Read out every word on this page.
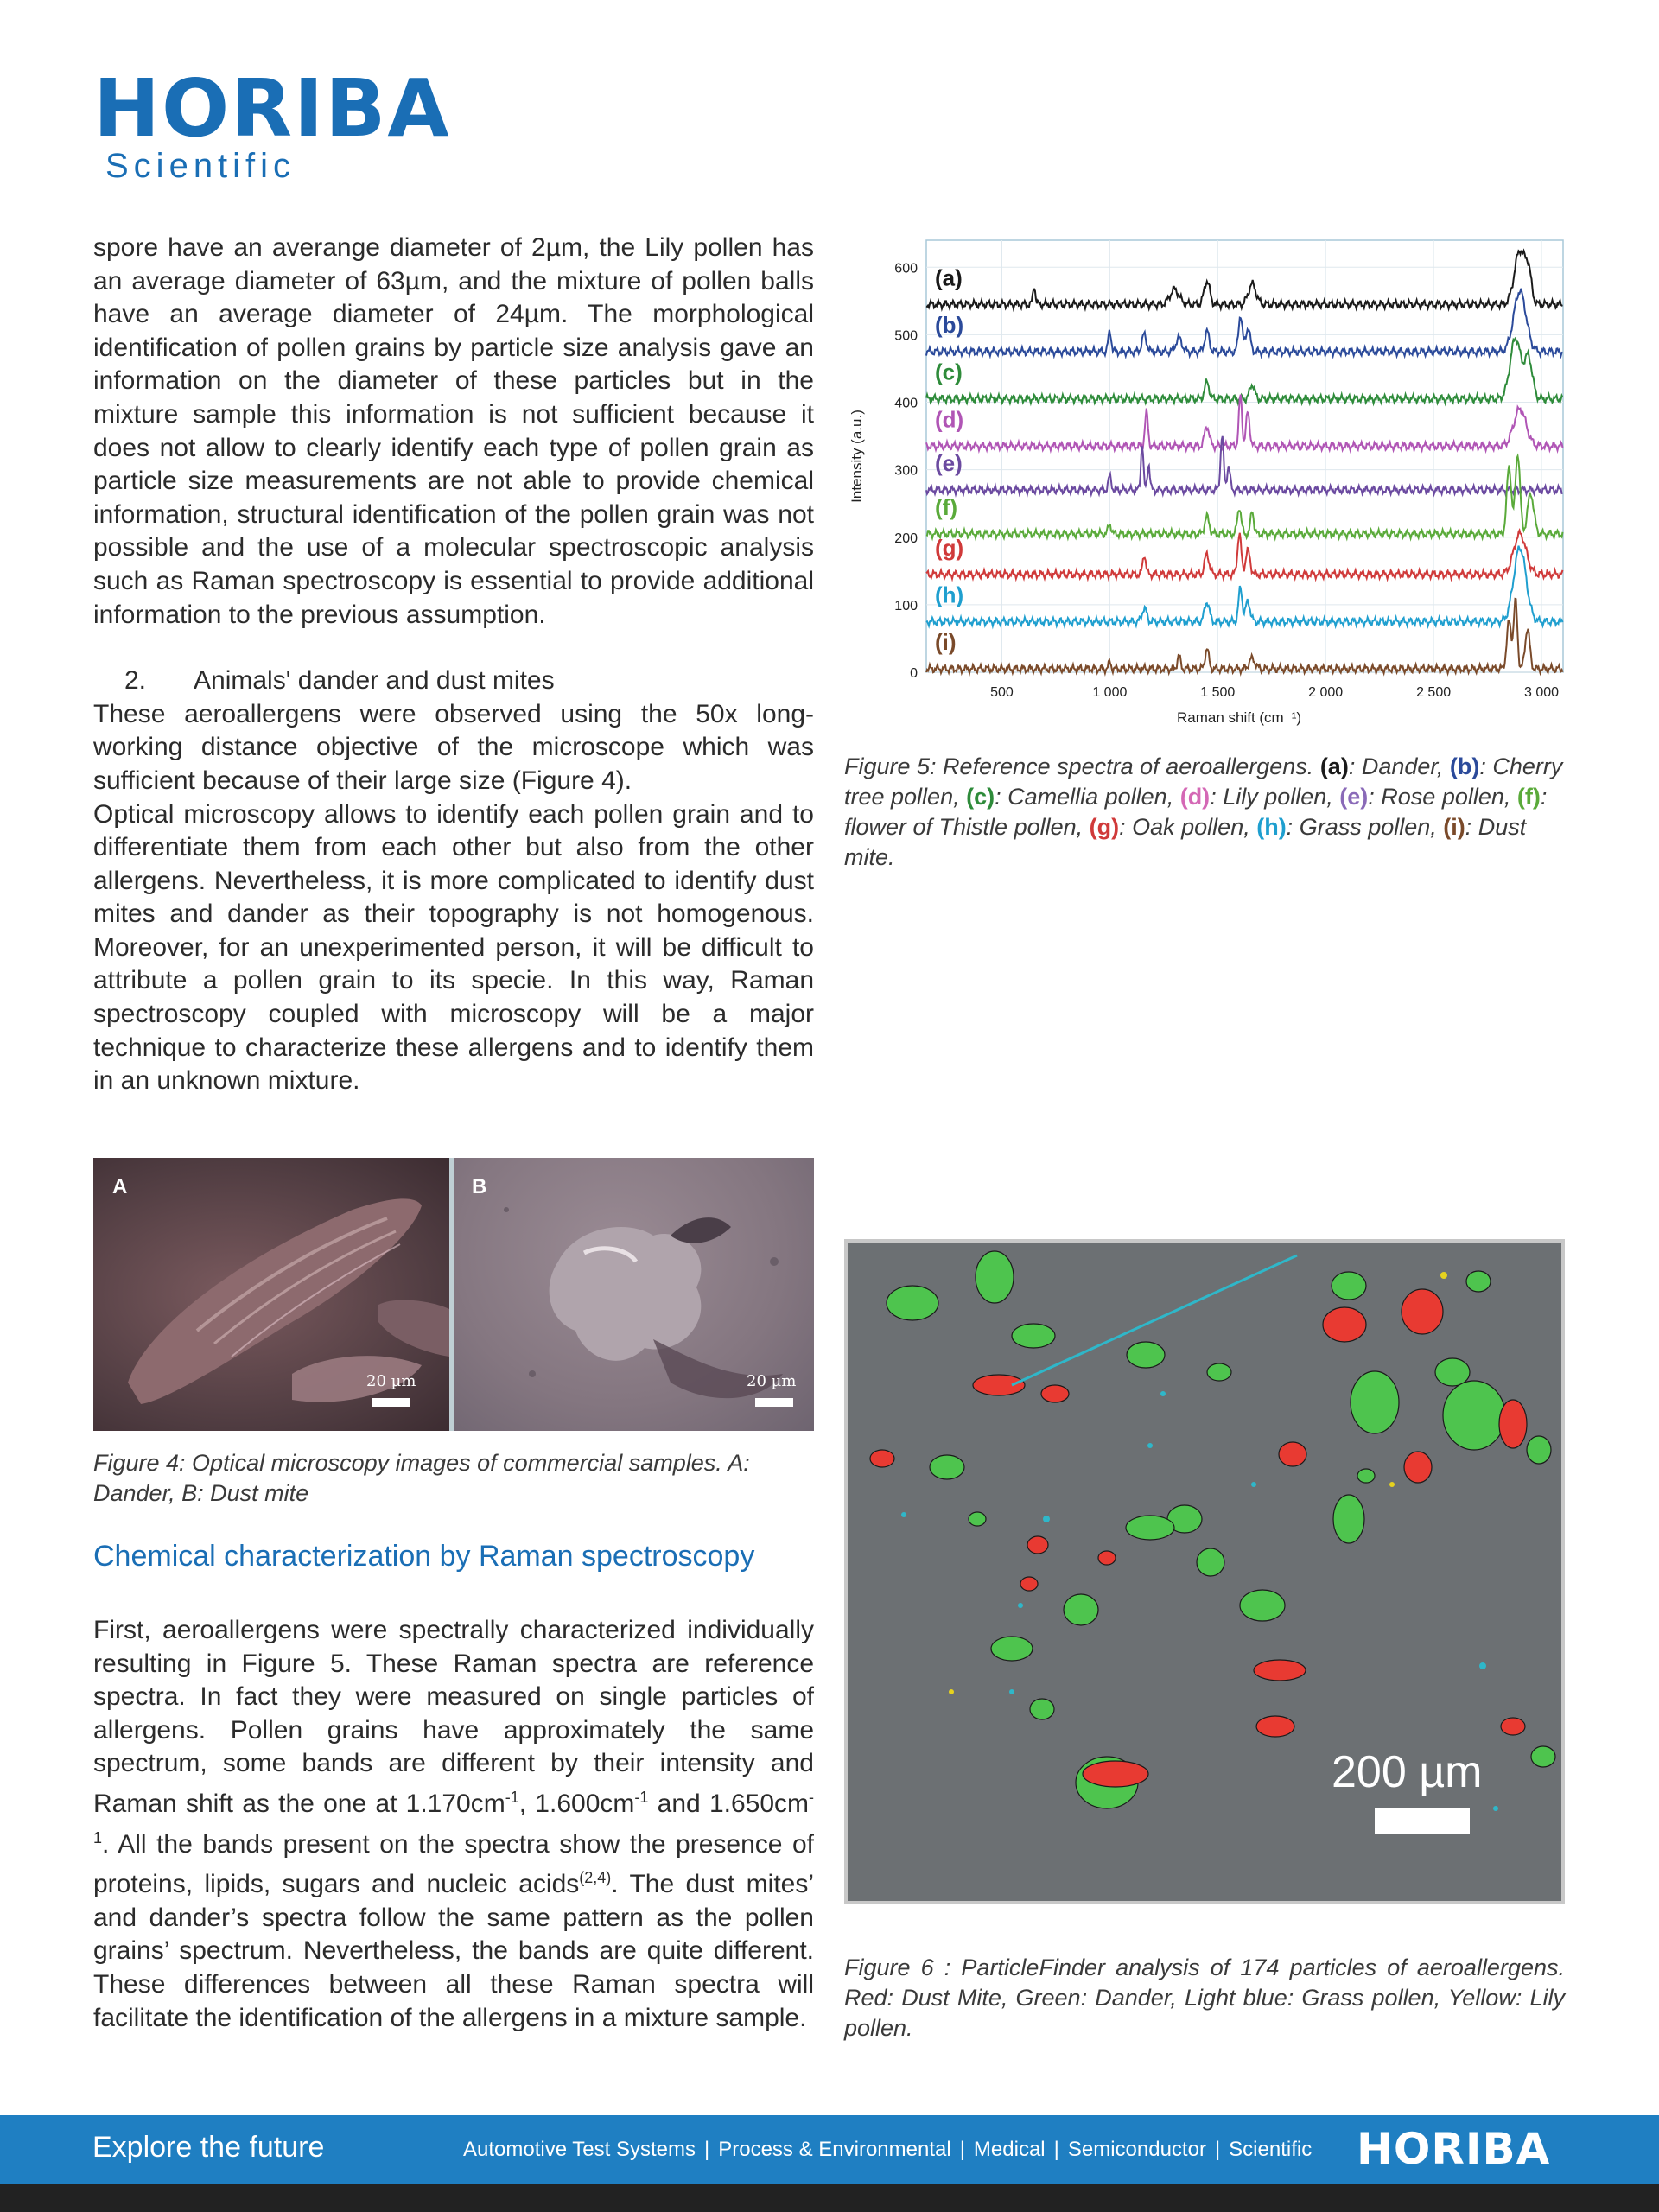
HORIBA
Scientific

spore have an averange diameter of 2µm, the Lily pollen has an average diameter of 63µm, and the mixture of pollen balls have an average diameter of 24µm. The morphological identification of pollen grains by particle size analysis gave an information on the diameter of these particles but in the mixture sample this information is not sufficient because it does not allow to clearly identify each type of pollen grain as particle size measurements are not able to provide chemical information, structural identification of the pollen grain was not possible and the use of a molecular spectroscopic analysis such as Raman spectroscopy is essential to provide additional information to the previous assumption.

2. Animals' dander and dust mites

These aeroallergens were observed using the 50x long-working distance objective of the microscope which was sufficient because of their large size (Figure 4).

Optical microscopy allows to identify each pollen grain and to differentiate them from each other but also from the other allergens. Nevertheless, it is more complicated to identify dust mites and dander as their topography is not homogenous. Moreover, for an unexperimented person, it will be difficult to attribute a pollen grain to its specie. In this way, Raman spectroscopy coupled with microscopy will be a major technique to characterize these allergens and to identify them in an unknown mixture.

A
20 µm
B
20 µm

Figure 4: Optical microscopy images of commercial samples. A: Dander, B: Dust mite

Chemical characterization by Raman spectroscopy

First, aeroallergens were spectrally characterized individually resulting in Figure 5. These Raman spectra are reference spectra. In fact they were measured on single particles of allergens. Pollen grains have approximately the same spectrum, some bands are different by their intensity and Raman shift as the one at $1.170cm^{-1}$, $1.600cm^{-1}$ and $1.650cm^{-1}$. All the bands present on the spectra show the presence of proteins, lipids, sugars and nucleic acids$^{(2,4)}$. The dust mites’ and dander’s spectra follow the same pattern as the pollen grains’ spectrum. Nevertheless, the bands are quite different. These differences between all these Raman spectra will facilitate the identification of the allergens in a mixture sample.

Intensity (a.u.)
Raman shift (cm⁻¹)
0
100
200
300
400
500
600
500	1 000	1 500	2 000	2 500	3 000
(a)
(b)
(c)
(d)
(e)
(f)
(g)
(h)
(i)

Figure 5: Reference spectra of aeroallergens. (a): Dander, (b): Cherry tree pollen, (c): Camellia pollen, (d): Lily pollen, (e): Rose pollen, (f): flower of Thistle pollen, (g): Oak pollen, (h): Grass pollen, (i): Dust mite.

200 µm

Figure 6 : ParticleFinder analysis of 174 particles of aeroallergens. Red: Dust Mite, Green: Dander, Light blue: Grass pollen, Yellow: Lily pollen.

Explore the future	Automotive Test Systems | Process & Environmental | Medical | Semiconductor | Scientific HORIBA
